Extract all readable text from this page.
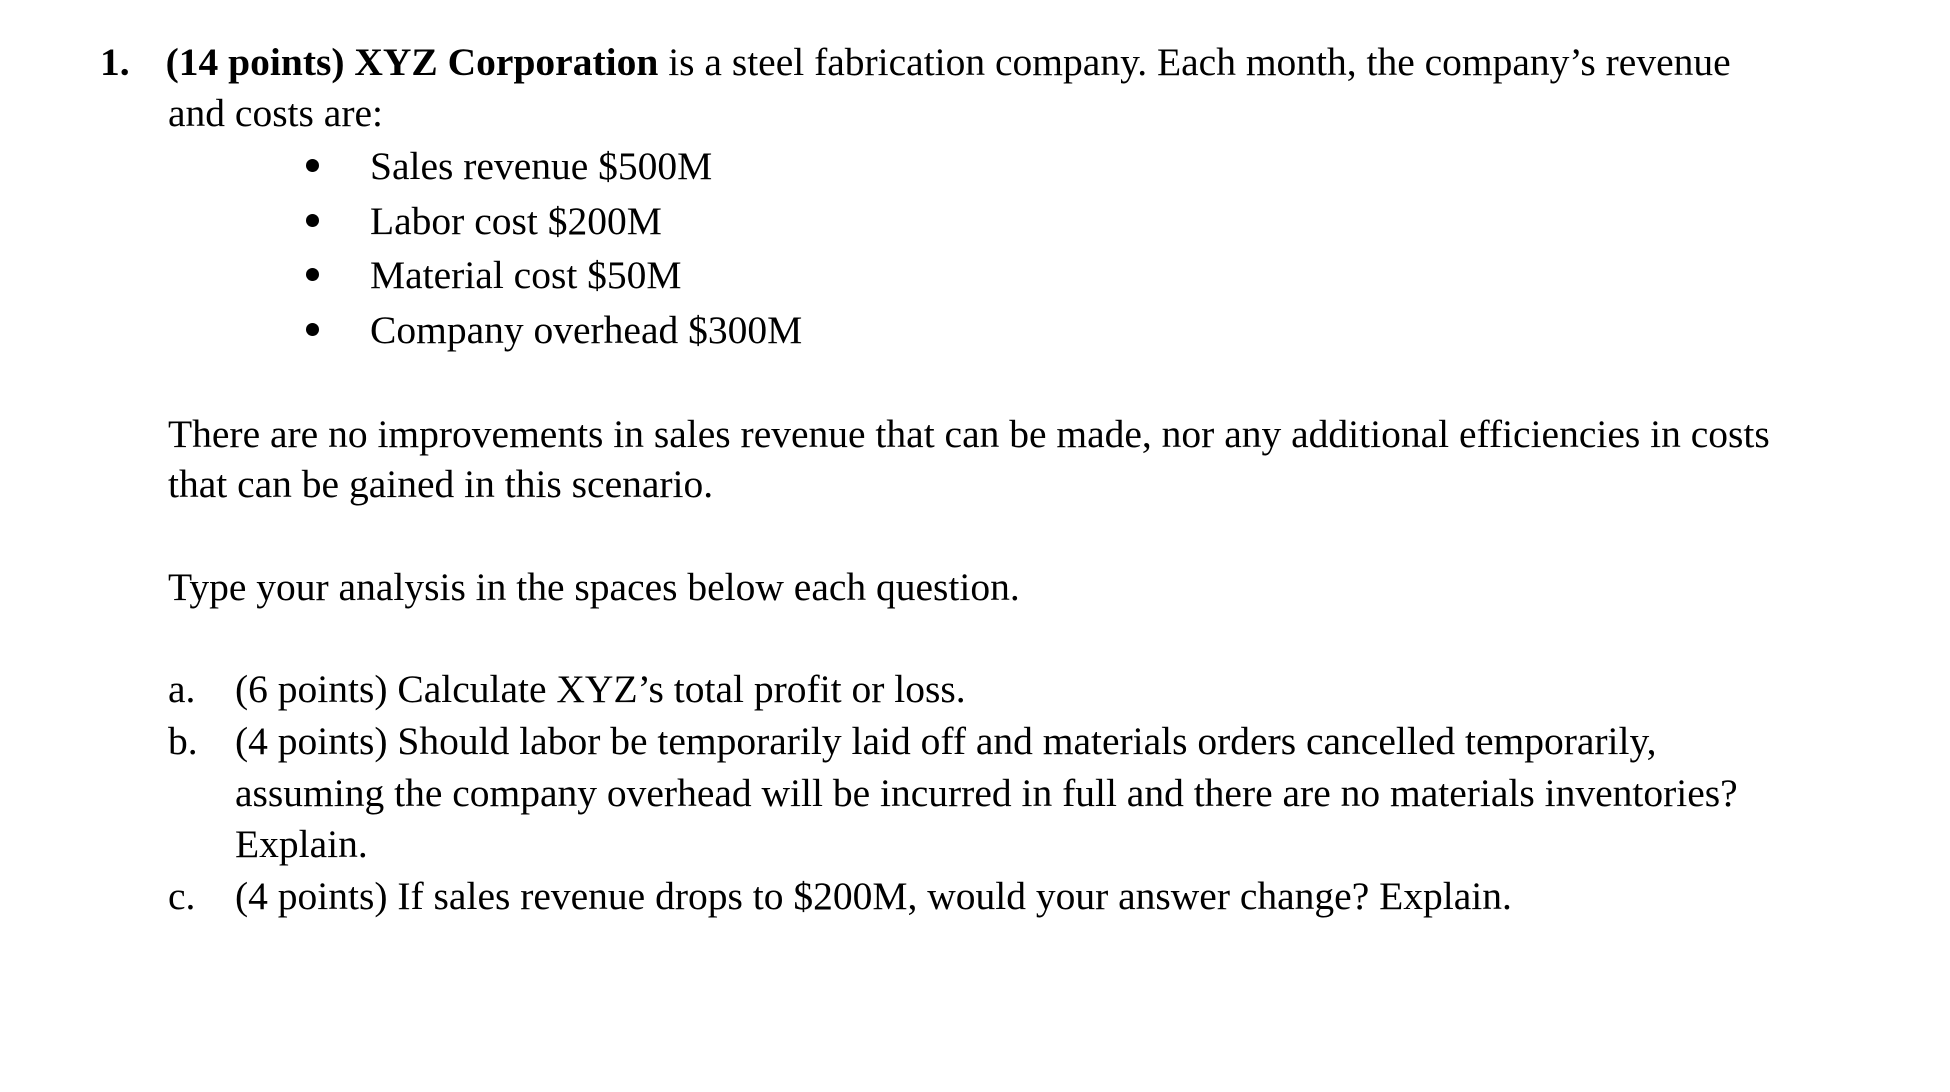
1. (14 points) XYZ Corporation is a steel fabrication company. Each month, the company’s revenue
and costs are:
Sales revenue $500M
Labor cost $200M
Material cost $50M
Company overhead $300M
There are no improvements in sales revenue that can be made, nor any additional efficiencies in costs
that can be gained in this scenario.
Type your analysis in the spaces below each question.
a. (6 points) Calculate XYZ’s total profit or loss.
b. (4 points) Should labor be temporarily laid off and materials orders cancelled temporarily,
assuming the company overhead will be incurred in full and there are no materials inventories?
Explain.
c. (4 points) If sales revenue drops to $200M, would your answer change? Explain.
